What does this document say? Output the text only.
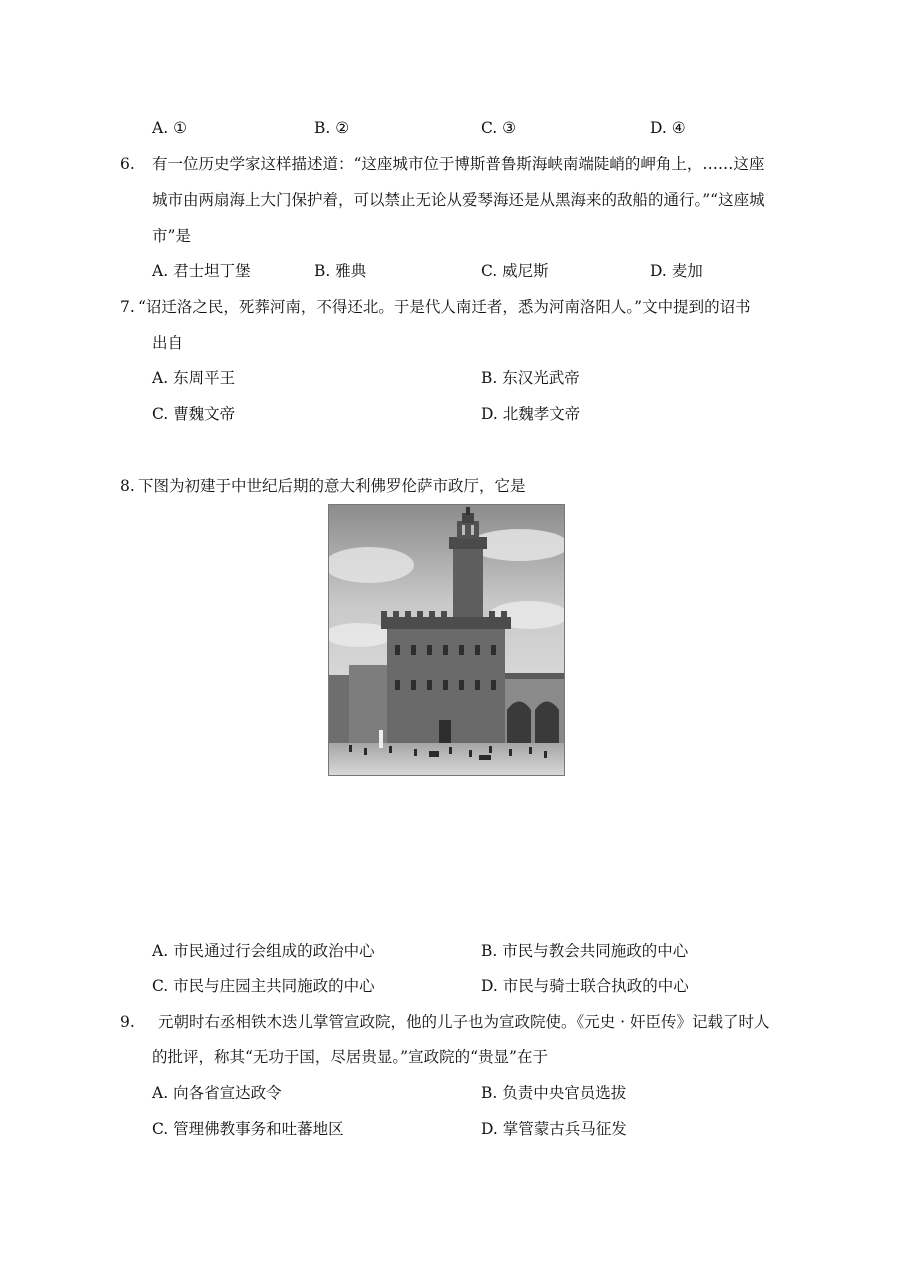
A. ①	B. ②	C. ③	D. ④
6. 有一位历史学家这样描述道：“这座城市位于博斯普鲁斯海峡南端陡峭的岬角上，……这座
城市由两扇海上大门保护着，可以禁止无论从爱琴海还是从黑海来的敌船的通行。”“这座城
市”是
A. 君士坦丁堡	B. 雅典	C. 威尼斯	D. 麦加
7. “诏迁洛之民，死葬河南，不得还北。于是代人南迁者，悉为河南洛阳人。”文中提到的诏书
出自
A. 东周平王	B. 东汉光武帝
C. 曹魏文帝	D. 北魏孝文帝
8. 下图为初建于中世纪后期的意大利佛罗伦萨市政厅，它是
A. 市民通过行会组成的政治中心	B. 市民与教会共同施政的中心
C. 市民与庄园主共同施政的中心	D. 市民与骑士联合执政的中心
9. 元朝时右丞相铁木迭儿掌管宣政院，他的儿子也为宣政院使。《元史 · 奸臣传》记载了时人
的批评，称其“无功于国，尽居贵显。”宣政院的“贵显”在于
A. 向各省宣达政令	B. 负责中央官员选拔
C. 管理佛教事务和吐蕃地区	D. 掌管蒙古兵马征发
